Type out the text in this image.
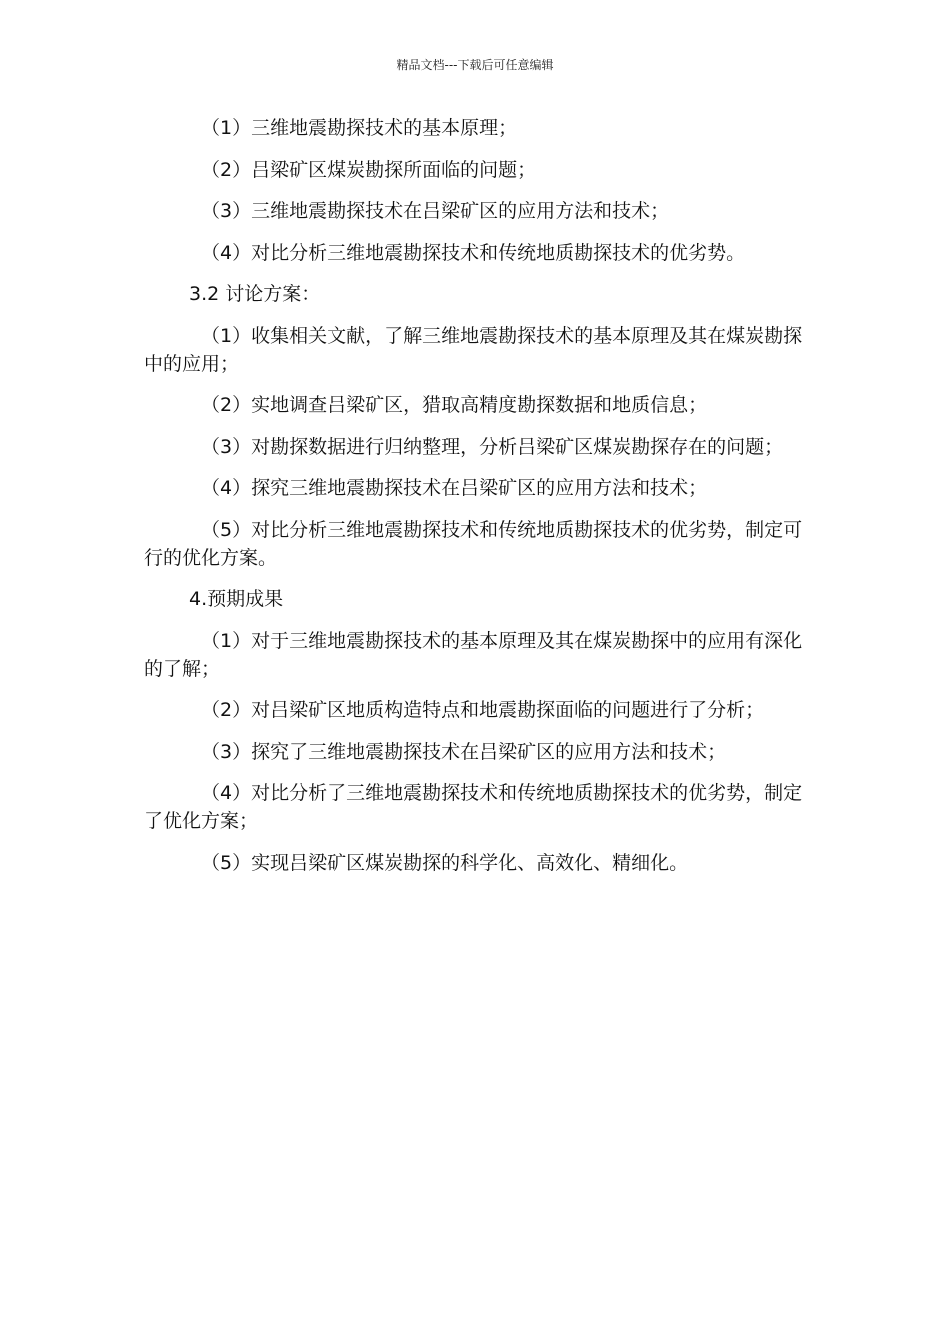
精品文档---下载后可任意编辑

（1）三维地震勘探技术的基本原理；

（2）吕梁矿区煤炭勘探所面临的问题；

（3）三维地震勘探技术在吕梁矿区的应用方法和技术；

（4）对比分析三维地震勘探技术和传统地质勘探技术的优劣势。

3.2 讨论方案：

（1）收集相关文献，了解三维地震勘探技术的基本原理及其在煤炭勘探中的应用；

（2）实地调查吕梁矿区，猎取高精度勘探数据和地质信息；

（3）对勘探数据进行归纳整理，分析吕梁矿区煤炭勘探存在的问题；

（4）探究三维地震勘探技术在吕梁矿区的应用方法和技术；

（5）对比分析三维地震勘探技术和传统地质勘探技术的优劣势，制定可行的优化方案。

4.预期成果

（1）对于三维地震勘探技术的基本原理及其在煤炭勘探中的应用有深化的了解；

（2）对吕梁矿区地质构造特点和地震勘探面临的问题进行了分析；

（3）探究了三维地震勘探技术在吕梁矿区的应用方法和技术；

（4）对比分析了三维地震勘探技术和传统地质勘探技术的优劣势，制定了优化方案；

（5）实现吕梁矿区煤炭勘探的科学化、高效化、精细化。
